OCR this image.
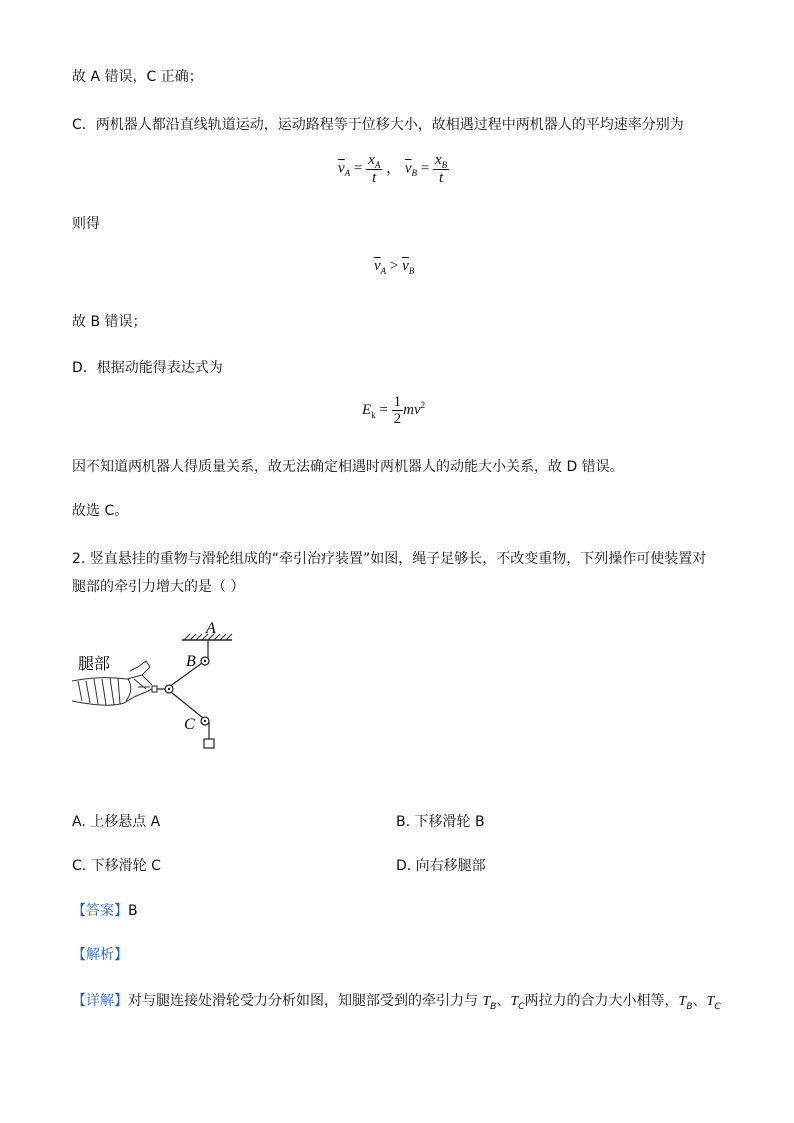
故 A 错误，C 正确；
C．两机器人都沿直线轨道运动，运动路程等于位移大小，故相遇过程中两机器人的平均速率分别为
$\overline{v}_A = \frac{x_A}{t}$ ， $\overline{v}_B = \frac{x_B}{t}$
则得
$\overline{v}_A > \overline{v}_B$
故 B 错误；
D．根据动能得表达式为
$E_k = \frac{1}{2} mv^2$
因不知道两机器人得质量关系，故无法确定相遇时两机器人的动能大小关系，故 D 错误。
故选 C。
2. 竖直悬挂的重物与滑轮组成的“牵引治疗装置”如图，绳子足够长，不改变重物，下列操作可使装置对
腿部的牵引力增大的是（ ）
A
B
C
腿部
A. 上移悬点 A	B. 下移滑轮 B
C. 下移滑轮 C	D. 向右移腿部
【答案】B
【解析】
【详解】对与腿连接处滑轮受力分析如图，知腿部受到的牵引力与 $T_B$、$T_C$两拉力的合力大小相等，$T_B$、$T_C$
